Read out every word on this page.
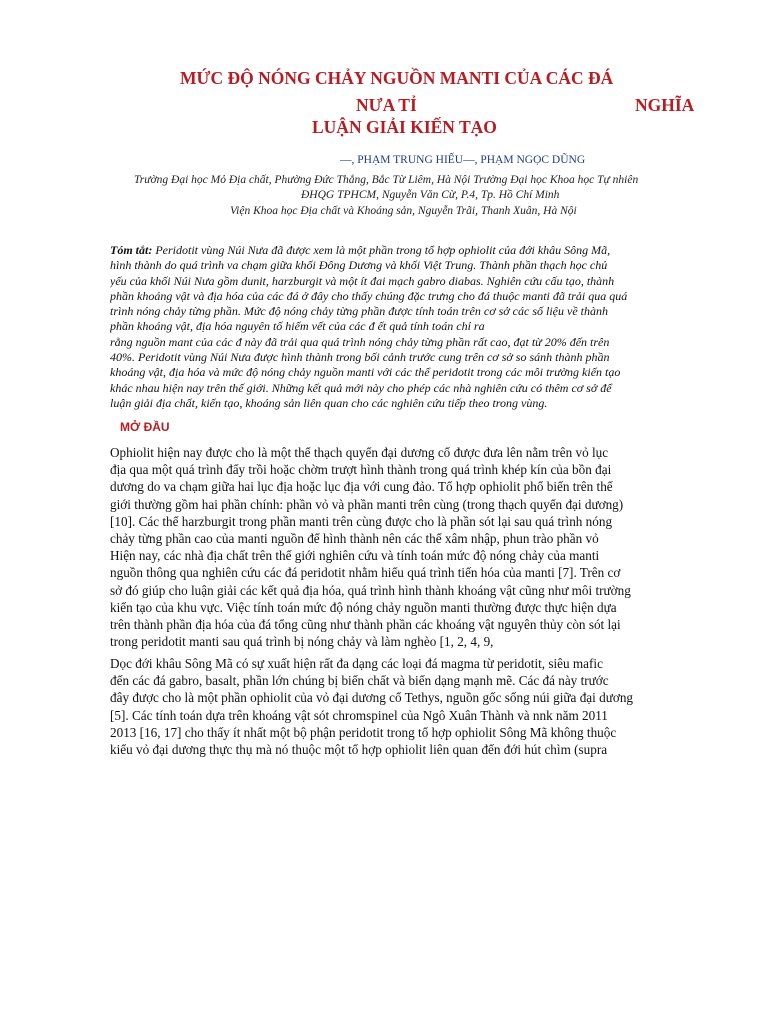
MỨC ĐỘ NÓNG CHẢY NGUỒN MANTI CỦA CÁC ĐÁ
NƯA TỈ	NGHĨA
LUẬN GIẢI KIẾN TẠO
—, PHẠM TRUNG HIẾU—, PHẠM NGỌC DŨNG
Trường Đại học Mỏ Địa chất, Phường Đức Thắng, Bắc Từ Liêm, Hà Nội Trường Đại học Khoa học Tự nhiên
ĐHQG TPHCM, Nguyễn Văn Cừ, P.4, Tp. Hồ Chí Minh
Viện Khoa học Địa chất và Khoáng sản, Nguyễn Trãi, Thanh Xuân, Hà Nội
Tóm tắt: Peridotit vùng Núi Nưa đã được xem là một phần trong tổ hợp ophiolit của đới khâu Sông Mã,
hình thành do quá trình va chạm giữa khối Đông Dương và khối Việt Trung. Thành phần thạch học chủ
yếu của khối Núi Nưa gồm dunit, harzburgit và một ít đai mạch gabro diabas. Nghiên cứu cấu tạo, thành
phần khoáng vật và địa hóa của các đá ở đây cho thấy chúng đặc trưng cho đá thuộc manti đã trải qua quá
trình nóng chảy từng phần. Mức độ nóng chảy từng phần được tính toán trên cơ sở các số liệu về thành
phần khoáng vật, địa hóa nguyên tố hiếm vết của các đ ết quả tính toán chỉ ra
rằng nguồn mant của các đ này đã trải qua quá trình nóng chảy từng phần rất cao, đạt từ 20% đến trên
40%. Peridotit vùng Núi Nưa được hình thành trong bối cảnh trước cung trên cơ sở so sánh thành phần
khoáng vật, địa hóa và mức độ nóng chảy nguồn manti với các thể peridotit trong các môi trường kiến tạo
khác nhau hiện nay trên thế giới. Những kết quả mới này cho phép các nhà nghiên cứu có thêm cơ sở để
luận giải địa chất, kiến tạo, khoáng sản liên quan cho các nghiên cứu tiếp theo trong vùng.
MỞ ĐẦU
Ophiolit hiện nay được cho là một thể thạch quyển đại dương cổ được đưa lên nằm trên vỏ lục
địa qua một quá trình đẩy trồi hoặc chờm trượt hình thành trong quá trình khép kín của bồn đại
dương do va chạm giữa hai lục địa hoặc lục địa với cung đảo. Tổ hợp ophiolit phổ biến trên thế
giới thường gồm hai phần chính: phần vỏ và phần manti trên cùng (trong thạch quyển đại dương)
[10]. Các thể harzburgit trong phần manti trên cùng được cho là phần sót lại sau quá trình nóng
chảy từng phần cao của manti nguồn để hình thành nên các thể xâm nhập, phun trào phần vỏ
Hiện nay, các nhà địa chất trên thế giới nghiên cứu và tính toán mức độ nóng chảy của manti
nguồn thông qua nghiên cứu các đá peridotit nhằm hiểu quá trình tiến hóa của manti [7]. Trên cơ
sở đó giúp cho luận giải các kết quả địa hóa, quá trình hình thành khoáng vật cũng như môi trường
kiến tạo của khu vực. Việc tính toán mức độ nóng chảy nguồn manti thường được thực hiện dựa
trên thành phần địa hóa của đá tổng cũng như thành phần các khoáng vật nguyên thủy còn sót lại
trong peridotit manti sau quá trình bị nóng chảy và làm nghèo [1, 2, 4, 9,
Dọc đới khâu Sông Mã có sự xuất hiện rất đa dạng các loại đá magma từ peridotit, siêu mafic
đến các đá gabro, basalt, phần lớn chúng bị biến chất và biến dạng mạnh mẽ. Các đá này trước
đây được cho là một phần ophiolit của vỏ đại dương cổ Tethys, nguồn gốc sống núi giữa đại dương
[5]. Các tính toán dựa trên khoáng vật sót chromspinel của Ngô Xuân Thành và nnk năm 2011
2013 [16, 17] cho thấy ít nhất một bộ phận peridotit trong tổ hợp ophiolit Sông Mã không thuộc
kiểu vỏ đại dương thực thụ mà nó thuộc một tổ hợp ophiolit liên quan đến đới hút chìm (supra
